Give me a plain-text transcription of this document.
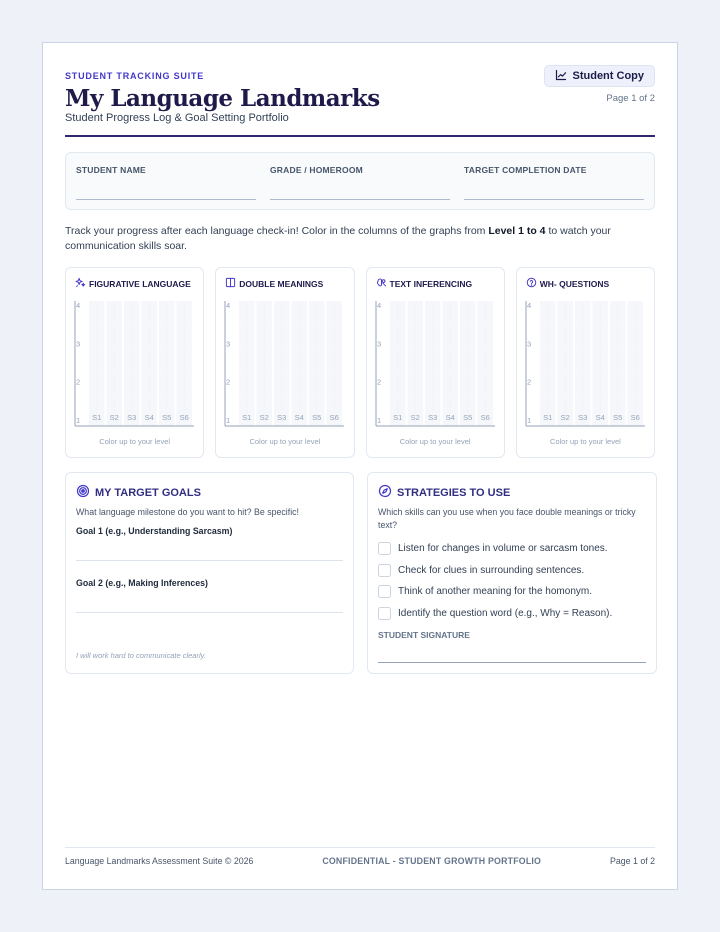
STUDENT TRACKING SUITE
My Language Landmarks
Student Progress Log & Goal Setting Portfolio
Student Copy
Page 1 of 2
STUDENT NAME	GRADE / HOMEROOM	TARGET COMPLETION DATE
Track your progress after each language check-in! Color in the columns of the graphs from Level 1 to 4 to watch your communication skills soar.
FIGURATIVE LANGUAGE
S1 S2 S3 S4 S5 S6
1
2
3
4
Color up to your level
DOUBLE MEANINGS
S1 S2 S3 S4 S5 S6
1
2
3
4
Color up to your level
TEXT INFERENCING
S1 S2 S3 S4 S5 S6
1
2
3
4
Color up to your level
WH- QUESTIONS
S1 S2 S3 S4 S5 S6
1
2
3
4
Color up to your level
MY TARGET GOALS
What language milestone do you want to hit? Be specific!
Goal 1 (e.g., Understanding Sarcasm)
Goal 2 (e.g., Making Inferences)
I will work hard to communicate clearly.
STRATEGIES TO USE
Which skills can you use when you face double meanings or tricky text?
Listen for changes in volume or sarcasm tones.
Check for clues in surrounding sentences.
Think of another meaning for the homonym.
Identify the question word (e.g., Why = Reason).
STUDENT SIGNATURE
Language Landmarks Assessment Suite © 2026	CONFIDENTIAL - STUDENT GROWTH PORTFOLIO	Page 1 of 2
